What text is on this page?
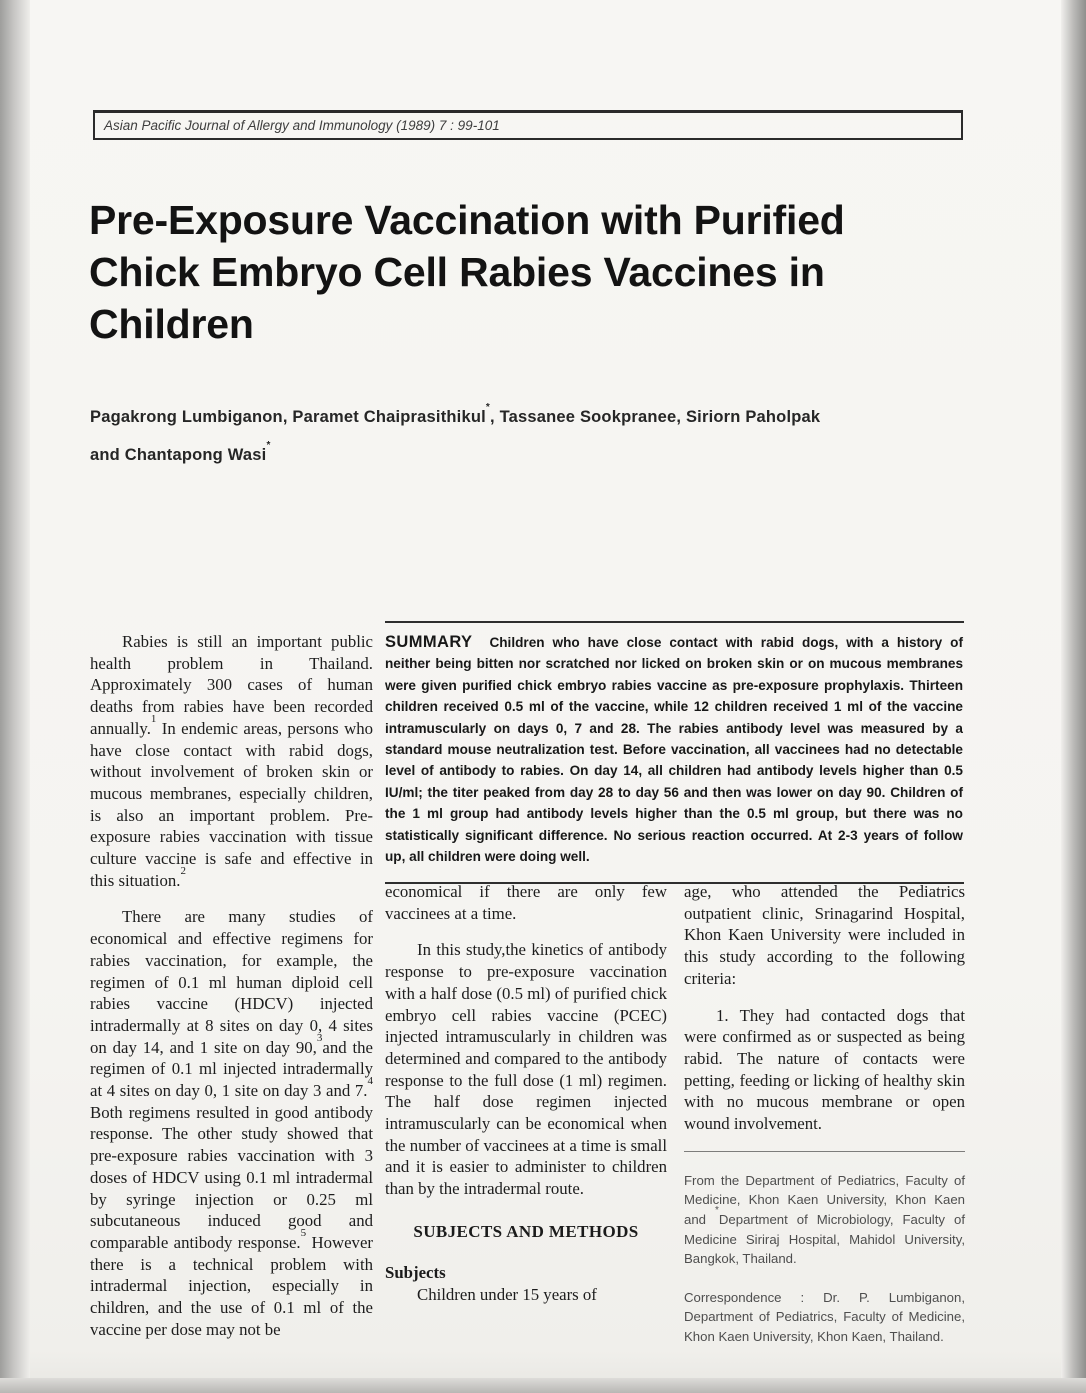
Asian Pacific Journal of Allergy and Immunology (1989) 7 : 99-101
Pre-Exposure Vaccination with Purified
Chick Embryo Cell Rabies Vaccines in
Children
Pagakrong Lumbiganon, Paramet Chaiprasithikul*, Tassanee Sookpranee, Siriorn Paholpak
and Chantapong Wasi*

Rabies is still an important public health problem in Thailand. Approximately 300 cases of human deaths from rabies have been recorded annually.$^1$ In endemic areas, persons who have close contact with rabid dogs, without involvement of broken skin or mucous membranes, especially children, is also an important problem. Pre-exposure rabies vaccination with tissue culture vaccine is safe and effective in this situation.$^2$

There are many studies of economical and effective regimens for rabies vaccination, for example, the regimen of 0.1 ml human diploid cell rabies vaccine (HDCV) injected intradermally at 8 sites on day 0, 4 sites on day 14, and 1 site on day 90,$^3$and the regimen of 0.1 ml injected intradermally at 4 sites on day 0, 1 site on day 3 and 7.$^4$ Both regimens resulted in good antibody response. The other study showed that pre-exposure rabies vaccination with 3 doses of HDCV using 0.1 ml intradermal by syringe injection or 0.25 ml subcutaneous induced good and comparable antibody response.$^5$ However there is a technical problem with intradermal injection, especially in children, and the use of 0.1 ml of the vaccine per dose may not be

SUMMARY Children who have close contact with rabid dogs, with a history of neither being bitten nor scratched nor licked on broken skin or on mucous membranes were given purified chick embryo rabies vaccine as pre-exposure prophylaxis. Thirteen children received 0.5 ml of the vaccine, while 12 children received 1 ml of the vaccine intramuscularly on days 0, 7 and 28. The rabies antibody level was measured by a standard mouse neutralization test. Before vaccination, all vaccinees had no detectable level of antibody to rabies. On day 14, all children had antibody levels higher than 0.5 IU/ml; the titer peaked from day 28 to day 56 and then was lower on day 90. Children of the 1 ml group had antibody levels higher than the 0.5 ml group, but there was no statistically significant difference. No serious reaction occurred. At 2-3 years of follow up, all children were doing well.

economical if there are only few vaccinees at a time.

In this study,the kinetics of antibody response to pre-exposure vaccination with a half dose (0.5 ml) of purified chick embryo cell rabies vaccine (PCEC) injected intramuscularly in children was determined and compared to the antibody response to the full dose (1 ml) regimen. The half dose regimen injected intramuscularly can be economical when the number of vaccinees at a time is small and it is easier to administer to children than by the intradermal route.

SUBJECTS AND METHODS
Subjects

Children under 15 years of

age, who attended the Pediatrics outpatient clinic, Srinagarind Hospital, Khon Kaen University were included in this study according to the following criteria:

1. They had contacted dogs that were confirmed as or suspected as being rabid. The nature of contacts were petting, feeding or licking of healthy skin with no mucous membrane or open wound involvement.

From the Department of Pediatrics, Faculty of Medicine, Khon Kaen University, Khon Kaen and *Department of Microbiology, Faculty of Medicine Siriraj Hospital, Mahidol University, Bangkok, Thailand.

Correspondence : Dr. P. Lumbiganon, Department of Pediatrics, Faculty of Medicine, Khon Kaen University, Khon Kaen, Thailand.
